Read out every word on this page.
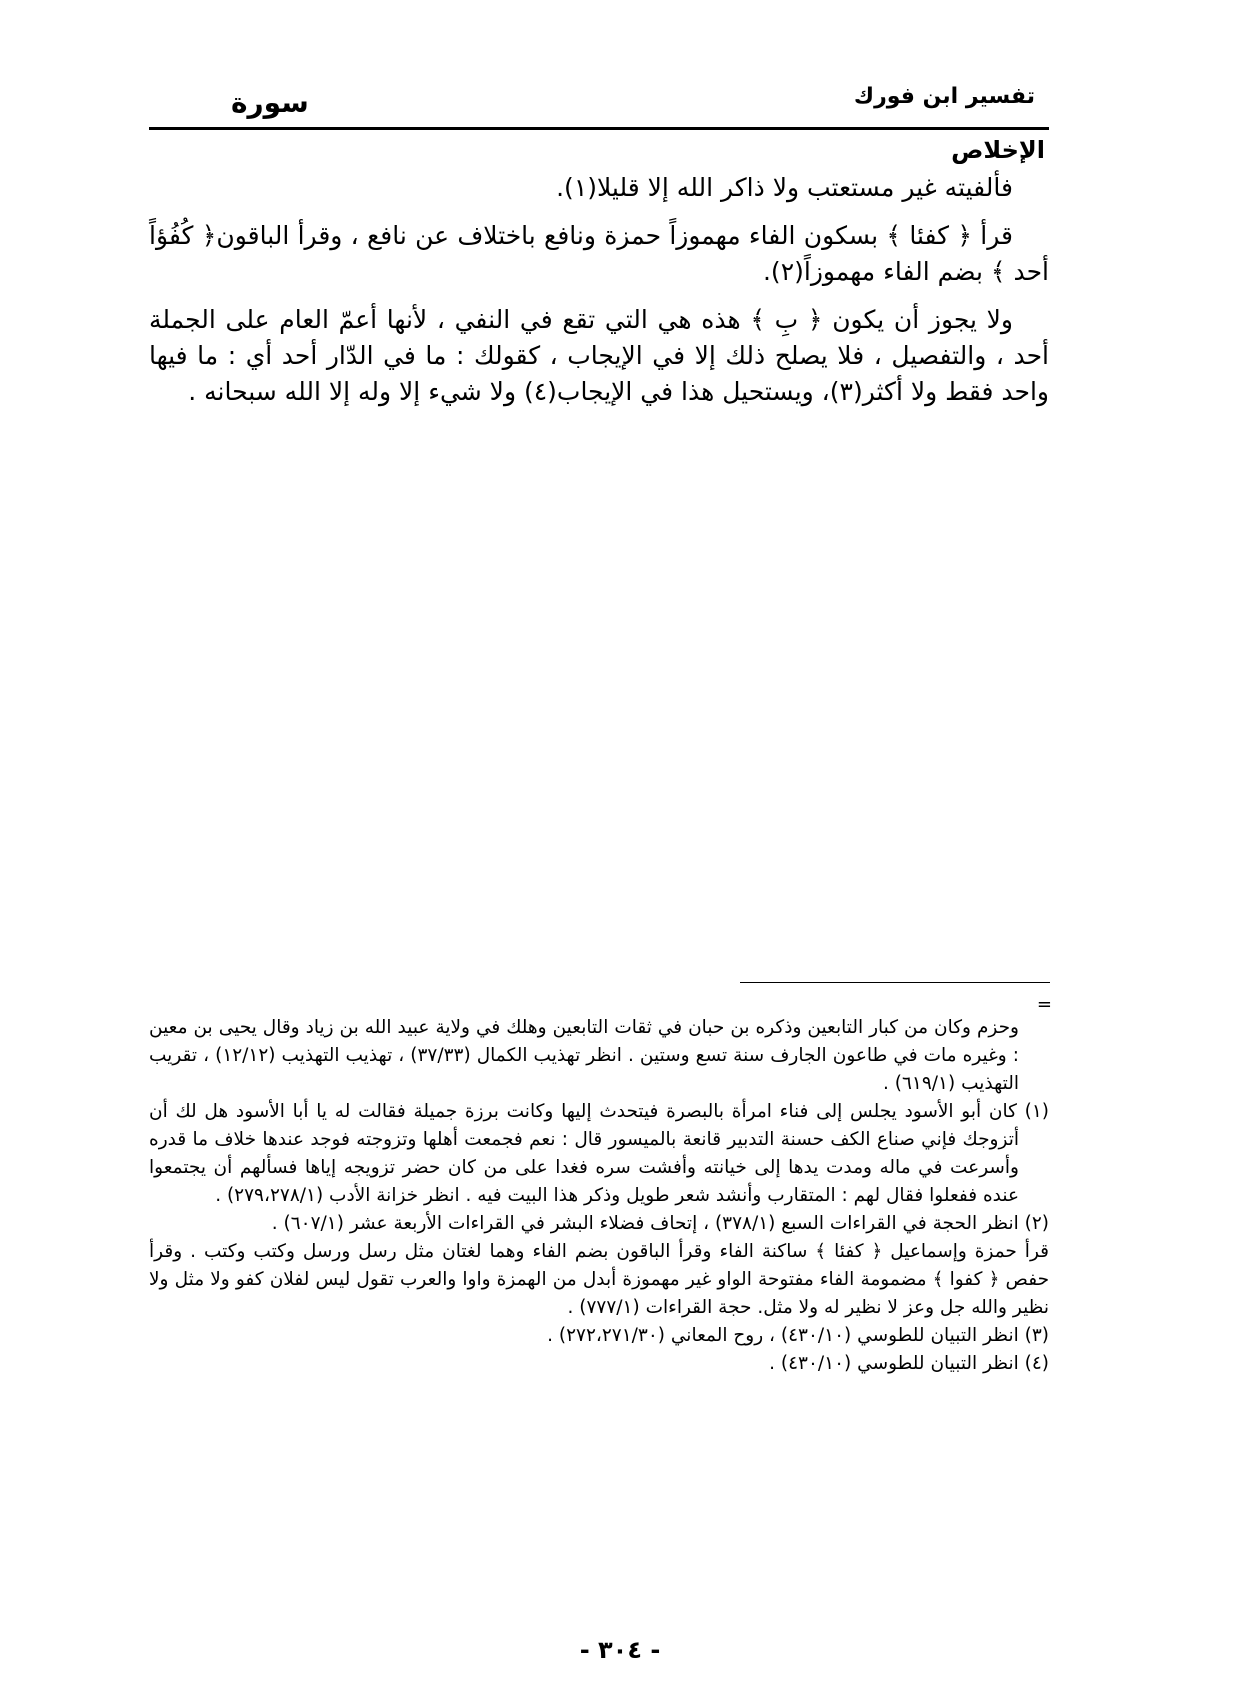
تفسير ابن فورك
سورة
الإخلاص

فألفيته غير مستعتب ولا ذاكر الله إلا قليلا(١).

قرأ ﴿ كفئا ﴾ بسكون الفاء مهموزاً حمزة ونافع باختلاف عن نافع ، وقرأ الباقون﴿ كُفُؤاً أحد ﴾ بضم الفاء مهموزاً(٢).

ولا يجوز أن يكون ﴿ بِ ﴾ هذه هي التي تقع في النفي ، لأنها أعمّ العام على الجملة أحد ، والتفصيل ، فلا يصلح ذلك إلا في الإيجاب ، كقولك : ما في الدّار أحد أي : ما فيها واحد فقط ولا أكثر(٣)، ويستحيل هذا في الإيجاب(٤) ولا شيء إلا وله إلا الله سبحانه .

=

وحزم وكان من كبار التابعين وذكره بن حبان في ثقات التابعين وهلك في ولاية عبيد الله بن زياد وقال يحيى بن معين : وغيره مات في طاعون الجارف سنة تسع وستين . انظر تهذيب الكمال (٣٧/٣٣) ، تهذيب التهذيب (١٢/١٢) ، تقريب التهذيب (٦١٩/١) .

(١) كان أبو الأسود يجلس إلى فناء امرأة بالبصرة فيتحدث إليها وكانت برزة جميلة فقالت له يا أبا الأسود هل لك أن أتزوجك فإني صناع الكف حسنة التدبير قانعة بالميسور قال : نعم فجمعت أهلها وتزوجته فوجد عندها خلاف ما قدره وأسرعت في ماله ومدت يدها إلى خيانته وأفشت سره فغدا على من كان حضر تزويجه إياها فسألهم أن يجتمعوا عنده ففعلوا فقال لهم : المتقارب وأنشد شعر طويل وذكر هذا البيت فيه . انظر خزانة الأدب (٢٧٩،٢٧٨/١) .

(٢) انظر الحجة في القراءات السبع (٣٧٨/١) ، إتحاف فضلاء البشر في القراءات الأربعة عشر (٦٠٧/١) .

قرأ حمزة وإسماعيل ﴿ كفئا ﴾ ساكنة الفاء وقرأ الباقون بضم الفاء وهما لغتان مثل رسل ورسل وكتب وكتب . وقرأ حفص ﴿ كفوا ﴾ مضمومة الفاء مفتوحة الواو غير مهموزة أبدل من الهمزة واوا والعرب تقول ليس لفلان كفو ولا مثل ولا نظير والله جل وعز لا نظير له ولا مثل. حجة القراءات (٧٧٧/١) .

(٣) انظر التبيان للطوسي (٤٣٠/١٠) ، روح المعاني (٢٧٢،٢٧١/٣٠) .

(٤) انظر التبيان للطوسي (٤٣٠/١٠) .

- ٣٠٤ -
